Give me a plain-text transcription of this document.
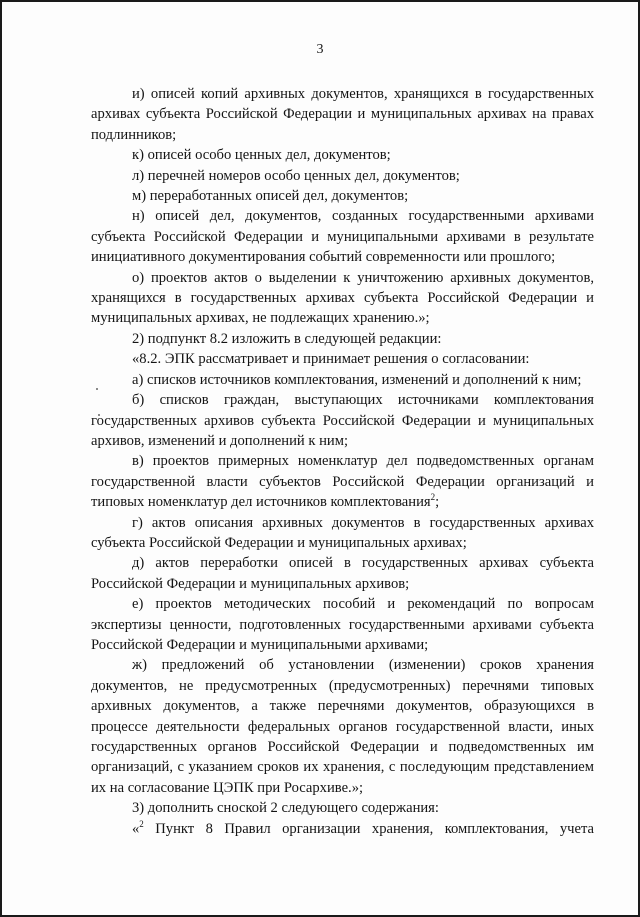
3

и) описей копий архивных документов, хранящихся в государственных архивах субъекта Российской Федерации и муниципальных архивах на правах подлинников;

к) описей особо ценных дел, документов;

л) перечней номеров особо ценных дел, документов;

м) переработанных описей дел, документов;

н) описей дел, документов, созданных государственными архивами субъекта Российской Федерации и муниципальными архивами в результате инициативного документирования событий современности или прошлого;

о) проектов актов о выделении к уничтожению архивных документов, хранящихся в государственных архивах субъекта Российской Федерации и муниципальных архивах, не подлежащих хранению.»;

2) подпункт 8.2 изложить в следующей редакции:

«8.2. ЭПК рассматривает и принимает решения о согласовании:

а) списков источников комплектования, изменений и дополнений к ним;

б) списков граждан, выступающих источниками комплектования государственных архивов субъекта Российской Федерации и муниципальных архивов, изменений и дополнений к ним;

в) проектов примерных номенклатур дел подведомственных органам государственной власти субъектов Российской Федерации организаций и типовых номенклатур дел источников комплектования$^2$;

г) актов описания архивных документов в государственных архивах субъекта Российской Федерации и муниципальных архивах;

д) актов переработки описей в государственных архивах субъекта Российской Федерации и муниципальных архивов;

е) проектов методических пособий и рекомендаций по вопросам экспертизы ценности, подготовленных государственными архивами субъекта Российской Федерации и муниципальными архивами;

ж) предложений об установлении (изменении) сроков хранения документов, не предусмотренных (предусмотренных) перечнями типовых архивных документов, а также перечнями документов, образующихся в процессе деятельности федеральных органов государственной власти, иных государственных органов Российской Федерации и подведомственных им организаций, с указанием сроков их хранения, с последующим представлением их на согласование ЦЭПК при Росархиве.»;

3) дополнить сноской 2 следующего содержания:

«$^2$ Пункт 8 Правил организации хранения, комплектования, учета
